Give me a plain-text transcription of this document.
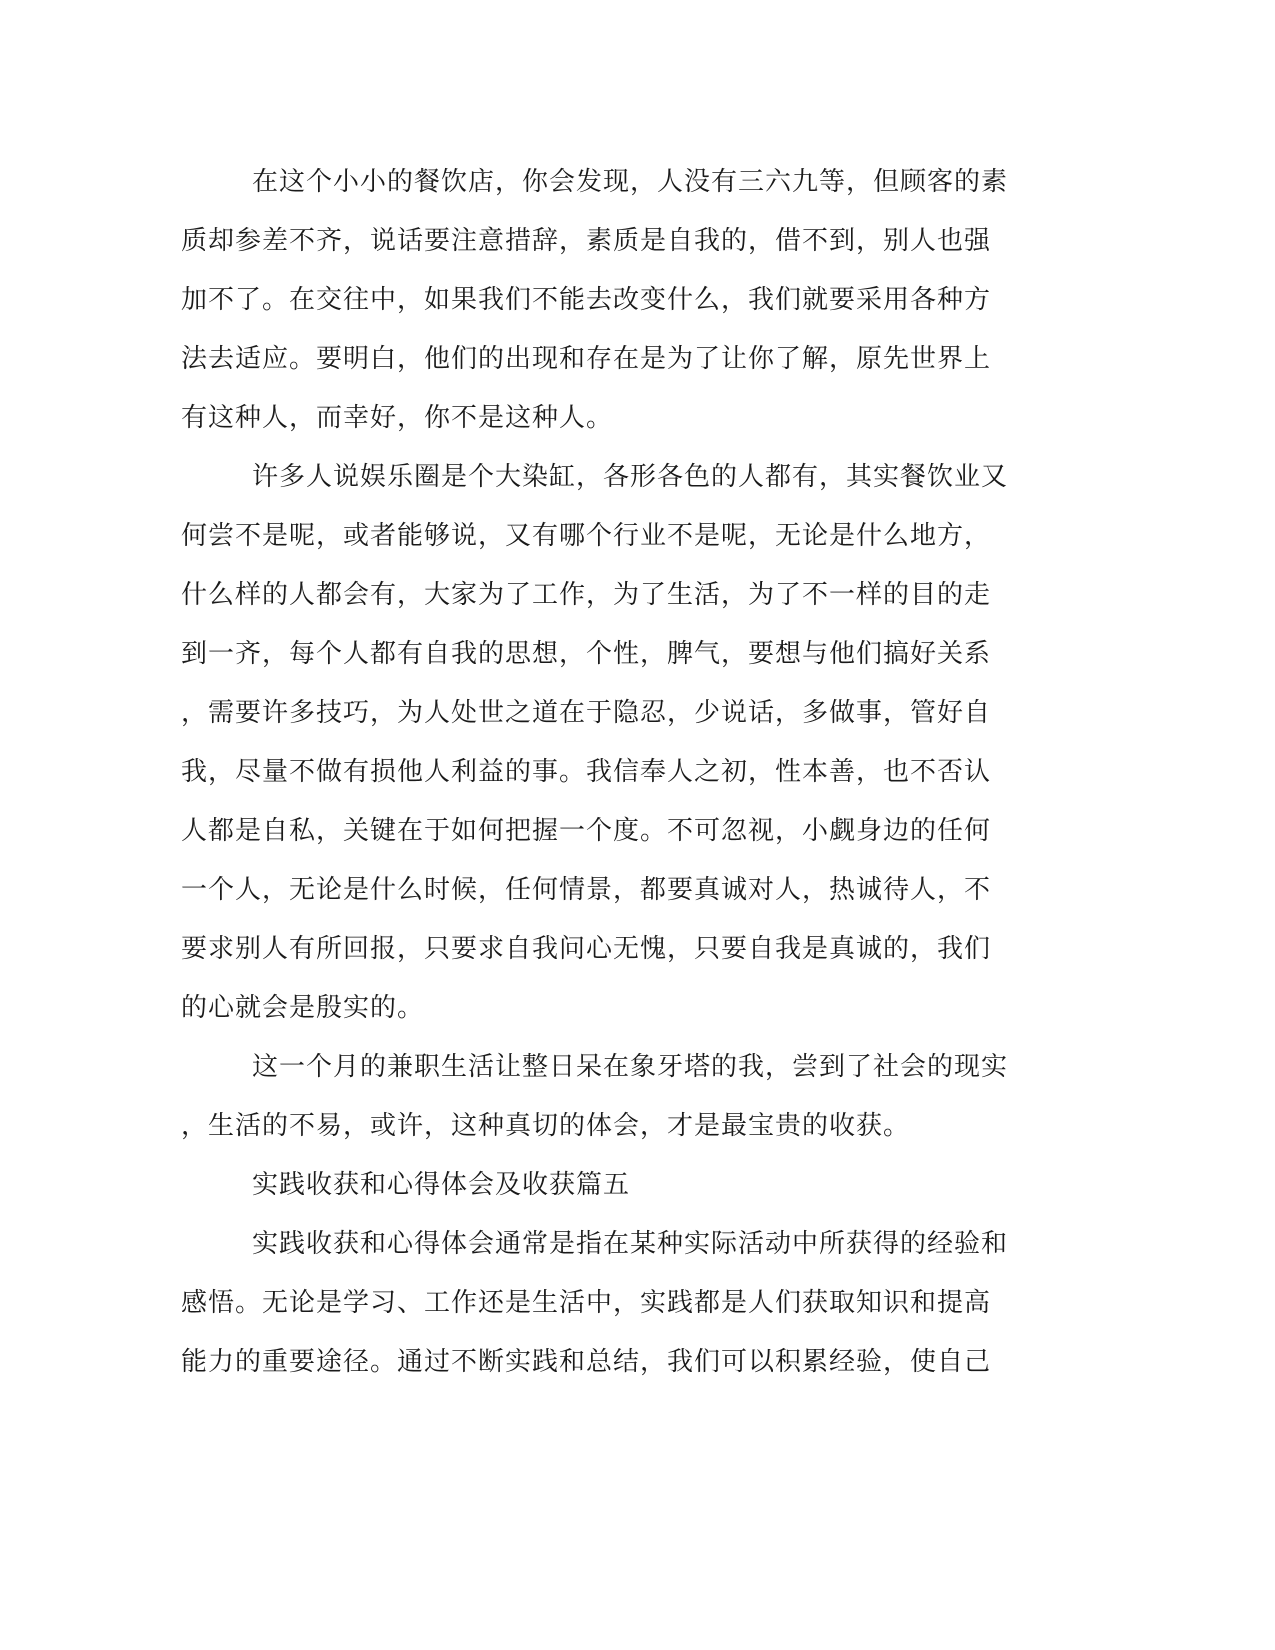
在这个小小的餐饮店，你会发现，人没有三六九等，但顾客的素
质却参差不齐，说话要注意措辞，素质是自我的，借不到，别人也强
加不了。在交往中，如果我们不能去改变什么，我们就要采用各种方
法去适应。要明白，他们的出现和存在是为了让你了解，原先世界上
有这种人，而幸好，你不是这种人。
许多人说娱乐圈是个大染缸，各形各色的人都有，其实餐饮业又
何尝不是呢，或者能够说，又有哪个行业不是呢，无论是什么地方，
什么样的人都会有，大家为了工作，为了生活，为了不一样的目的走
到一齐，每个人都有自我的思想，个性，脾气，要想与他们搞好关系
，需要许多技巧，为人处世之道在于隐忍，少说话，多做事，管好自
我，尽量不做有损他人利益的事。我信奉人之初，性本善，也不否认
人都是自私，关键在于如何把握一个度。不可忽视，小觑身边的任何
一个人，无论是什么时候，任何情景，都要真诚对人，热诚待人，不
要求别人有所回报，只要求自我问心无愧，只要自我是真诚的，我们
的心就会是殷实的。
这一个月的兼职生活让整日呆在象牙塔的我，尝到了社会的现实
，生活的不易，或许，这种真切的体会，才是最宝贵的收获。
实践收获和心得体会及收获篇五
实践收获和心得体会通常是指在某种实际活动中所获得的经验和
感悟。无论是学习、工作还是生活中，实践都是人们获取知识和提高
能力的重要途径。通过不断实践和总结，我们可以积累经验，使自己
